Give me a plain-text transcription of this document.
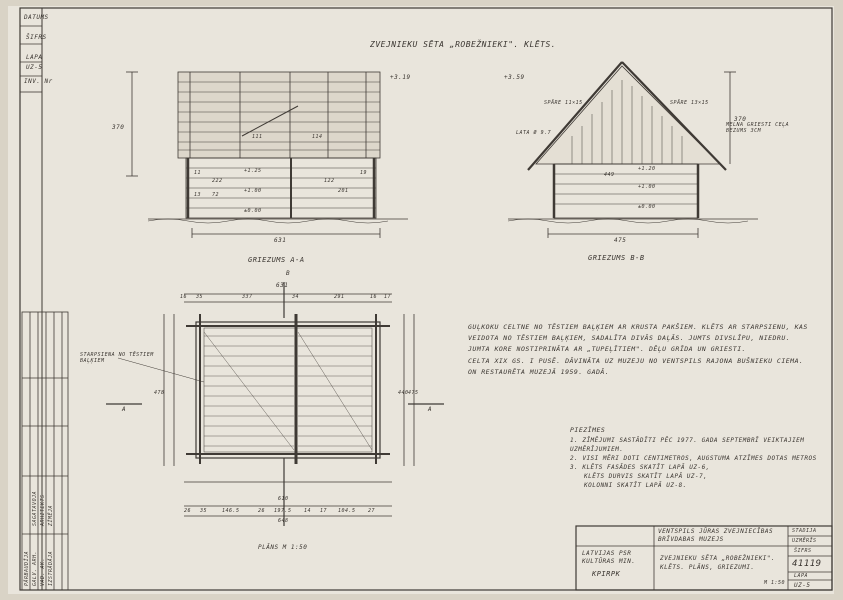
DATUMS
ŠIFRS
LAPA
UZ-5
INV. Nr
ZVEJNIEKU SĒTA „ROBEŽNIEKI". KLĒTS.
+3.19
370
+1.25
+1.00
±0.00
631
111	114
222	122
201
11
13
19
72
GRIEZUMS A-A
+3.59
SPĀRE 11×15	SPĀRE 13×15
LATA Ø 9.7
MELNA GRIESTI CEĻA BEZUMS 3CM
370
+1.20
+1.00
±0.00
449
475
GRIEZUMS B-B
B
631
16 35	337	34	291	16 17
STARPSIENA NO TĒSTIEM BAĻĶIEM
A	A
478	440 475
26 35	146.5	26 197.5 14 17 104.5 27
610
648
PLĀNS M 1:50
GUĻKOKU CELTNE NO TĒSTIEM BAĻĶIEM AR KRUSTA PAKŠIEM. KLĒTS AR STARPSIENU, KAS VEIDOTA NO TĒSTIEM BAĻĶIEM, SADALĪTA DIVĀS DAĻĀS. JUMTS DIVSLĪPU, NIEDRU. JUMTA KORE NOSTIPRINĀTA AR „TUPEĻĪTIEM". DĒĻU GRĪDA UN GRIESTI.
CELTA XIX GS. I PUSĒ. DĀVINĀTA UZ MUZEJU NO VENTSPILS RAJONA BUŠNIEKU CIEMA. ON RESTAURĒTA MUZEJĀ 1959. GADĀ.
PIEZĪMES
1. ZĪMĒJUMI SASTĀDĪTI PĒC 1977. GADA SEPTEMBRĪ VEIKTAJIEM UZMĒRĪJUMIEM.
2. VISI MĒRI DOTI CENTIMETROS, AUGSTUMA ATZĪMES DOTAS METROS
3. KLĒTS FASĀDES SKATĪT LAPĀ UZ-6,
KLĒTS DURVIS SKATĪT LAPĀ UZ-7,
KOLONNI SKATĪT LAPĀ UZ-8.
VENTSPILS JŪRAS ZVEJNIECĪBAS BRĪVDABAS MUZEJS
LATVIJAS PSR KULTŪRAS MIN.
KPIRPK
ZVEJNIEKU SĒTA „ROBEŽNIEKI". KLĒTS. PLĀNS, GRIEZUMI.
M 1:50
STADIJA
UZMĒRĪS
ŠIFRS
41119
LAPA
UZ-5
PĀRBAUDĪJA GALV. ARH. VAD. AK. IZSTRĀDĀJA
SAGATAVOJA ARHITEKTS ZĪMĒJA
